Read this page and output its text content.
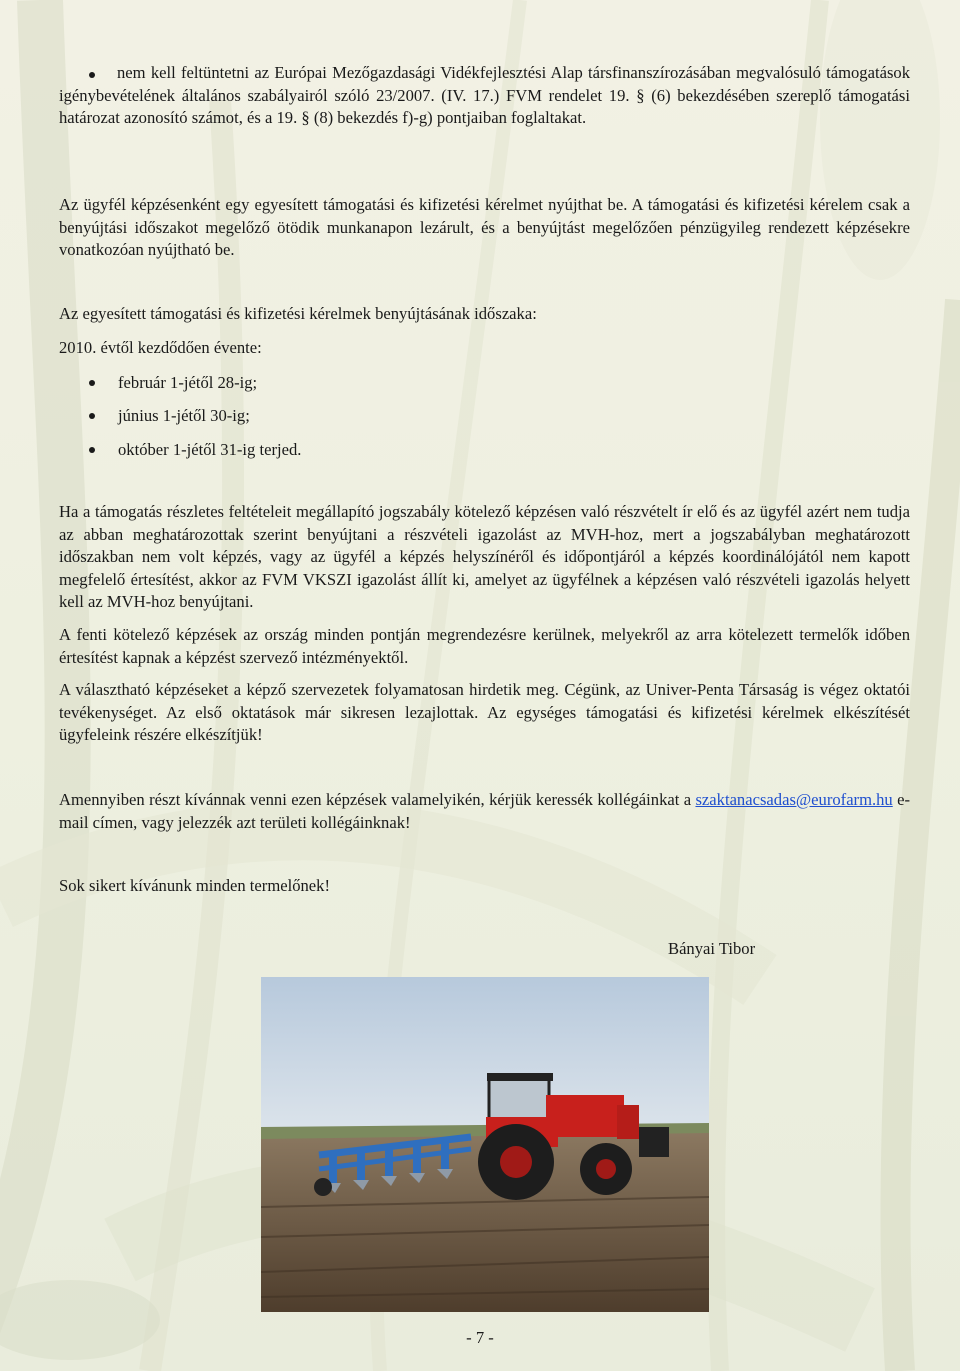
nem kell feltüntetni az Európai Mezőgazdasági Vidékfejlesztési Alap társfinanszírozásában megvalósuló támogatások igénybevételének általános szabályairól szóló 23/2007. (IV. 17.) FVM rendelet 19. § (6) bekezdésében szereplő támogatási határozat azonosító számot, és a 19. § (8) bekezdés f)-g) pontjaiban foglaltakat.

Az ügyfél képzésenként egy egyesített támogatási és kifizetési kérelmet nyújthat be. A támogatási és kifizetési kérelem csak a benyújtási időszakot megelőző ötödik munkanapon lezárult, és a benyújtást megelőzően pénzügyileg rendezett képzésekre vonatkozóan nyújtható be.

Az egyesített támogatási és kifizetési kérelmek benyújtásának időszaka:

2010. évtől kezdődően évente:

február 1-jétől 28-ig;
június 1-jétől 30-ig;
október 1-jétől 31-ig terjed.

Ha a támogatás részletes feltételeit megállapító jogszabály kötelező képzésen való részvételt ír elő és az ügyfél azért nem tudja az abban meghatározottak szerint benyújtani a részvételi igazolást az MVH-hoz, mert a jogszabályban meghatározott időszakban nem volt képzés, vagy az ügyfél a képzés helyszínéről és időpontjáról a képzés koordinálójától nem kapott megfelelő értesítést, akkor az FVM VKSZI igazolást állít ki, amelyet az ügyfélnek a képzésen való részvételi igazolás helyett kell az MVH-hoz benyújtani.

A fenti kötelező képzések az ország minden pontján megrendezésre kerülnek, melyekről az arra kötelezett termelők időben értesítést kapnak a képzést szervező intézményektől.

A választható képzéseket a képző szervezetek folyamatosan hirdetik meg. Cégünk, az Univer-Penta Társaság is végez oktatói tevékenységet. Az első oktatások már sikresen lezajlottak. Az egységes támogatási és kifizetési kérelmek elkészítését ügyfeleink részére elkészítjük!

Amennyiben részt kívánnak venni ezen képzések valamelyikén, kérjük keressék kollégáinkat a szaktanacsadas@eurofarm.hu e-mail címen, vagy jelezzék azt területi kollégáinknak!

Sok sikert kívánunk minden termelőnek!

Bányai Tibor
- 7 -
